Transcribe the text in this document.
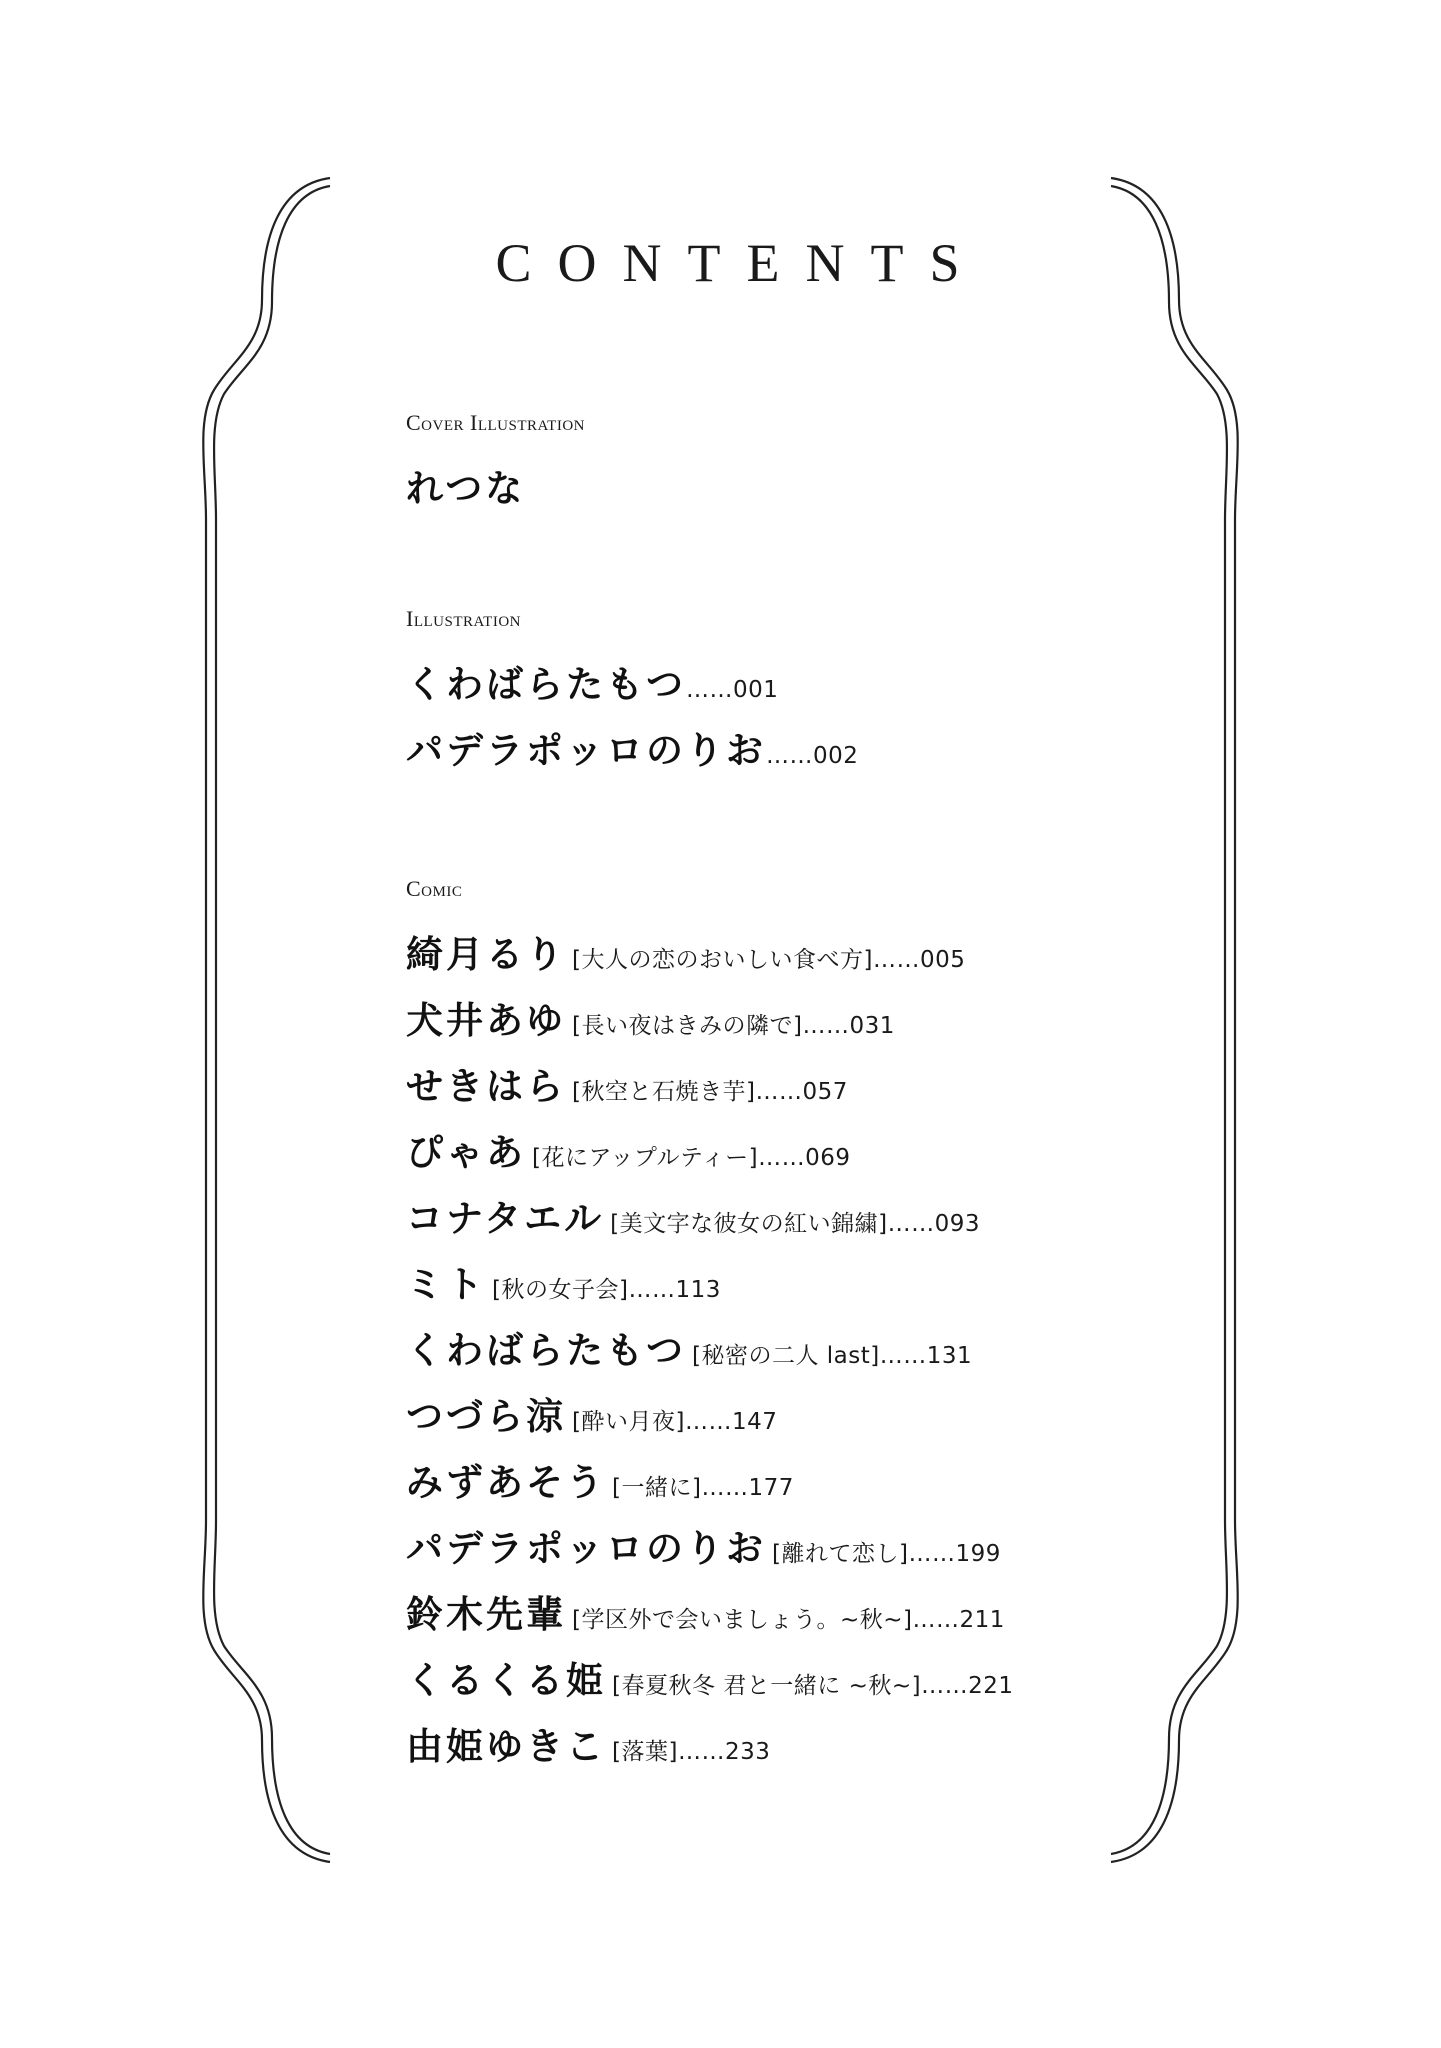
CONTENTS
Cover Illustration
れつな
Illustration
くわばらたもつ ……001
パデラポッロのりお ……002
Comic
綺月るり [大人の恋のおいしい食べ方] ……005
犬井あゆ [長い夜はきみの隣で] ……031
せきはら [秋空と石焼き芋] ……057
ぴゃあ [花にアップルティー] ……069
コナタエル [美文字な彼女の紅い錦繍] ……093
ミト [秋の女子会] ……113
くわばらたもつ [秘密の二人 last] ……131
つづら涼 [酔い月夜] ……147
みずあそう [一緒に] ……177
パデラポッロのりお [離れて恋し] ……199
鈴木先輩 [学区外で会いましょう。~秋~] ……211
くるくる姫 [春夏秋冬 君と一緒に ~秋~] ……221
由姫ゆきこ [落葉] ……233
